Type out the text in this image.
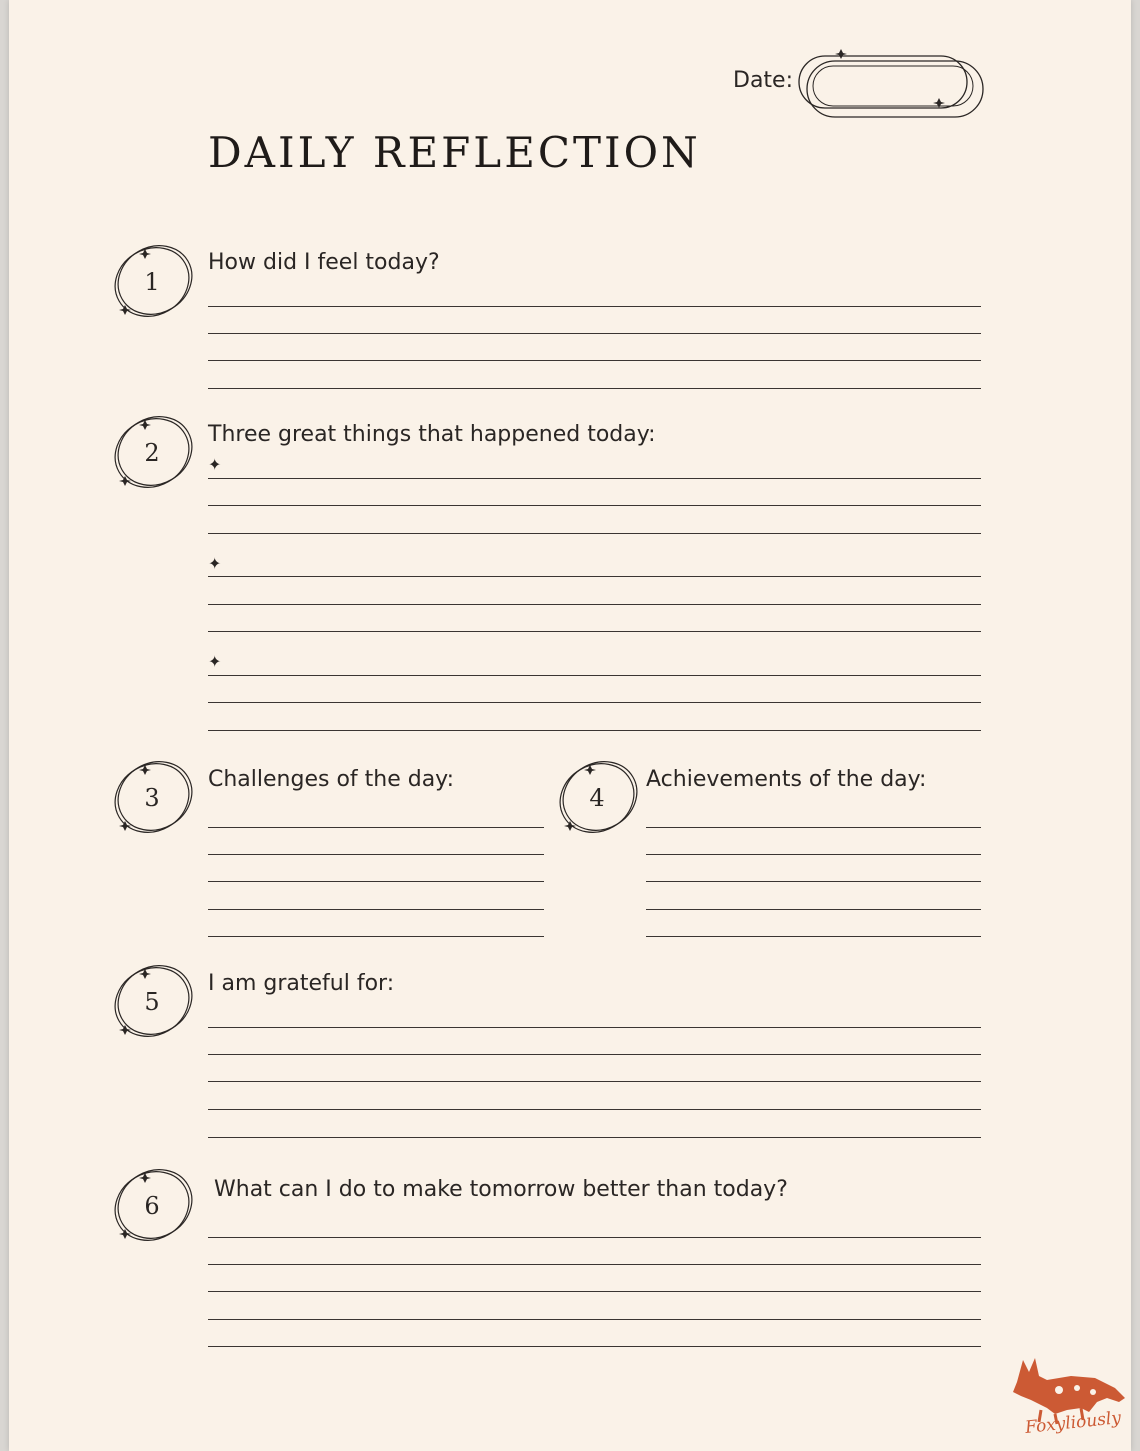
Date:
DAILY REFLECTION
1
How did I feel today?
2
Three great things that happened today:
✦
✦
✦
3
Challenges of the day:
4
Achievements of the day:
5
I am grateful for:
6
What can I do to make tomorrow better than today?
Foxyliously
